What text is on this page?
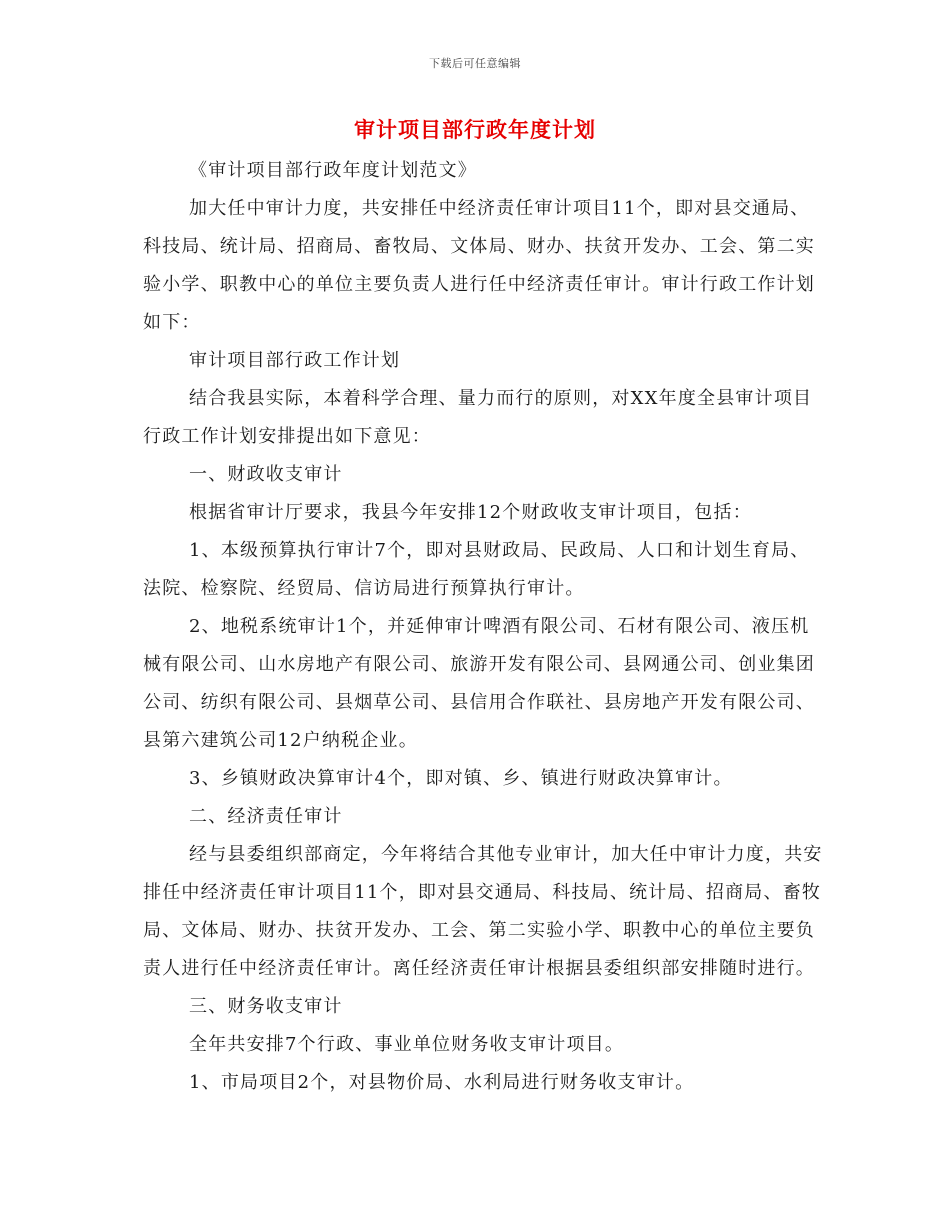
下载后可任意编辑
审计项目部行政年度计划

《审计项目部行政年度计划范文》

加大任中审计力度，共安排任中经济责任审计项目11个，即对县交通局、科技局、统计局、招商局、畜牧局、文体局、财办、扶贫开发办、工会、第二实验小学、职教中心的单位主要负责人进行任中经济责任审计。审计行政工作计划如下：

审计项目部行政工作计划

结合我县实际，本着科学合理、量力而行的原则，对XX年度全县审计项目行政工作计划安排提出如下意见：

一、财政收支审计

根据省审计厅要求，我县今年安排12个财政收支审计项目，包括：

1、本级预算执行审计7个，即对县财政局、民政局、人口和计划生育局、法院、检察院、经贸局、信访局进行预算执行审计。

2、地税系统审计1个，并延伸审计啤酒有限公司、石材有限公司、液压机械有限公司、山水房地产有限公司、旅游开发有限公司、县网通公司、创业集团公司、纺织有限公司、县烟草公司、县信用合作联社、县房地产开发有限公司、县第六建筑公司12户纳税企业。

3、乡镇财政决算审计4个，即对镇、乡、镇进行财政决算审计。

二、经济责任审计

经与县委组织部商定，今年将结合其他专业审计，加大任中审计力度，共安排任中经济责任审计项目11个，即对县交通局、科技局、统计局、招商局、畜牧局、文体局、财办、扶贫开发办、工会、第二实验小学、职教中心的单位主要负责人进行任中经济责任审计。离任经济责任审计根据县委组织部安排随时进行。

三、财务收支审计

全年共安排7个行政、事业单位财务收支审计项目。

1、市局项目2个，对县物价局、水利局进行财务收支审计。
